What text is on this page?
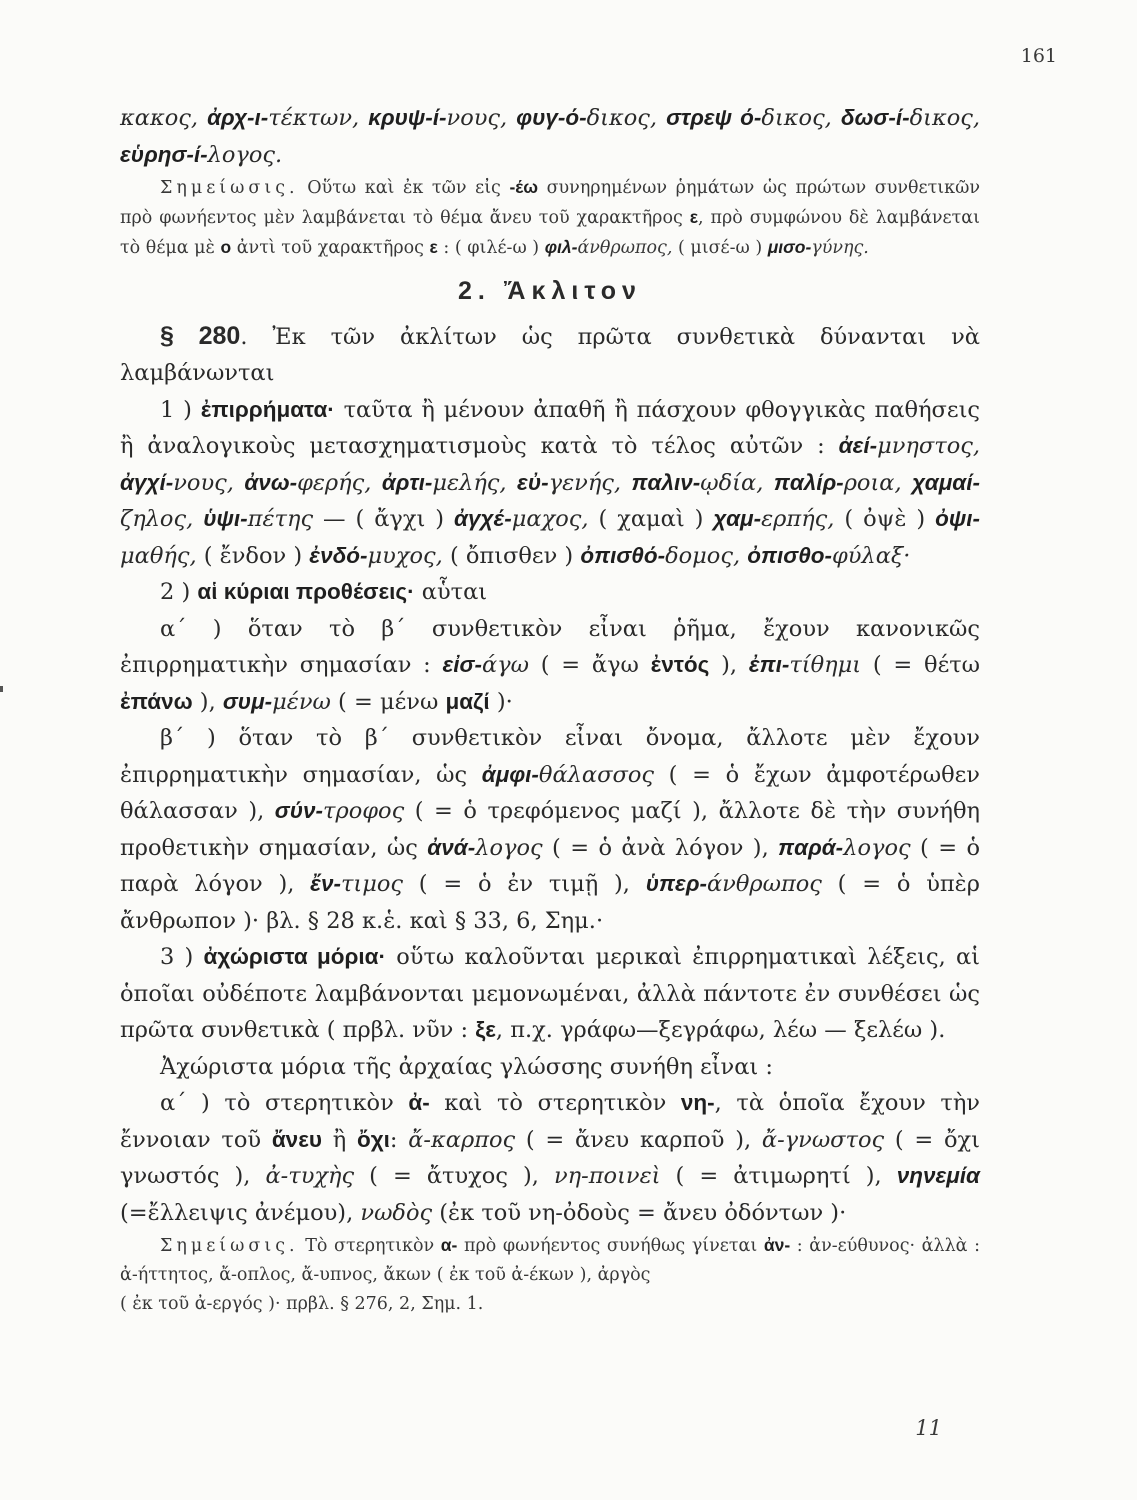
161

κακος, ἀρχ-ι-τέκτων, κρυψ-ί-νους, φυγ-ό-δικος, στρεψ ό-δικος, δωσ-ί-δικος, εὑρησ-ί-λογος.

Σημείωσις. Οὕτω καὶ ἐκ τῶν εἰς -έω συνηρημένων ῥημάτων ὡς πρώτων συνθετικῶν πρὸ φωνήεντος μὲν λαμβάνεται τὸ θέμα ἄνευ τοῦ χαρακτῆρος ε, πρὸ συμφώνου δὲ λαμβάνεται τὸ θέμα μὲ ο ἀντὶ τοῦ χαρακτῆρος ε : ( φιλέ-ω ) φιλ-άνθρωπος, ( μισέ-ω ) μισο-γύνης.

2. Ἄκλιτον

§ 280. Ἐκ τῶν ἀκλίτων ὡς πρῶτα συνθετικὰ δύνανται νὰ λαμβάνωνται

1 ) ἐπιρρήματα· ταῦτα ἢ μένουν ἀπαθῆ ἢ πάσχουν φθογγικὰς παθήσεις ἢ ἀναλογικοὺς μετασχηματισμοὺς κατὰ τὸ τέλος αὐτῶν : ἀεί-μνηστος, ἀγχί-νους, ἀνω-φερής, ἀρτι-μελής, εὐ-γενής, παλιν-ῳδία, παλίρ-ροια, χαμαί-ζηλος, ὑψι-πέτης — ( ἄγχι ) ἀγχέ-μαχος, ( χαμαὶ ) χαμ-ερπής, ( ὀψὲ ) ὀψι-μαθής, ( ἔνδον ) ἐνδό-μυχος, ( ὄπισθεν ) ὀπισθό-δομος, ὀπισθο-φύλαξ·

2 ) αἱ κύριαι προθέσεις· αὗται

α΄ ) ὅταν τὸ β΄ συνθετικὸν εἶναι ῥῆμα, ἔχουν κανονικῶς ἐπιρρηματικὴν σημασίαν : εἰσ-άγω ( = ἄγω ἐντός ), ἐπι-τίθημι ( = θέτω ἐπάνω ), συμ-μένω ( = μένω μαζί )·

β΄ ) ὅταν τὸ β΄ συνθετικὸν εἶναι ὄνομα, ἄλλοτε μὲν ἔχουν ἐπιρρηματικὴν σημασίαν, ὡς ἀμφι-θάλασσος ( = ὁ ἔχων ἀμφοτέρωθεν θάλασσαν ), σύν-τροφος ( = ὁ τρεφόμενος μαζί ), ἄλλοτε δὲ τὴν συνήθη προθετικὴν σημασίαν, ὡς ἀνά-λογος ( = ὁ ἀνὰ λόγον ), παρά-λογος ( = ὁ παρὰ λόγον ), ἔν-τιμος ( = ὁ ἐν τιμῇ ), ὑπερ-άνθρωπος ( = ὁ ὑπὲρ ἄνθρωπον )· βλ. § 28 κ.ἑ. καὶ § 33, 6, Σημ.·

3 ) ἀχώριστα μόρια· οὕτω καλοῦνται μερικαὶ ἐπιρρηματικαὶ λέξεις, αἱ ὁποῖαι οὐδέποτε λαμβάνονται μεμονωμέναι, ἀλλὰ πάντοτε ἐν συνθέσει ὡς πρῶτα συνθετικὰ ( πρβλ. νῦν : ξε, π.χ. γράφω—ξεγράφω, λέω — ξελέω ).

Ἀχώριστα μόρια τῆς ἀρχαίας γλώσσης συνήθη εἶναι :

α΄ ) τὸ στερητικὸν ἀ- καὶ τὸ στερητικὸν νη-, τὰ ὁποῖα ἔχουν τὴν ἔννοιαν τοῦ ἄνευ ἢ ὄχι: ἄ-καρπος ( = ἄνευ καρποῦ ), ἄ-γνωστος ( = ὄχι γνωστός ), ἀ-τυχὴς ( = ἄτυχος ), νη-ποινεὶ ( = ἀτιμωρητί ), νηνεμία (=ἔλλειψις ἀνέμου), νωδὸς (ἐκ τοῦ νη-ὀδοὺς = ἄνευ ὀδόντων )·

Σημείωσις. Τὸ στερητικὸν α- πρὸ φωνήεντος συνήθως γίνεται ἀν- : ἀν-εύθυνος· ἀλλὰ : ἀ-ήττητος, ἄ-οπλος, ἄ-υπνος, ἄκων ( ἐκ τοῦ ἀ-έκων ), ἀργὸς

( ἐκ τοῦ ἀ-εργός )· πρβλ. § 276, 2, Σημ. 1.

11
